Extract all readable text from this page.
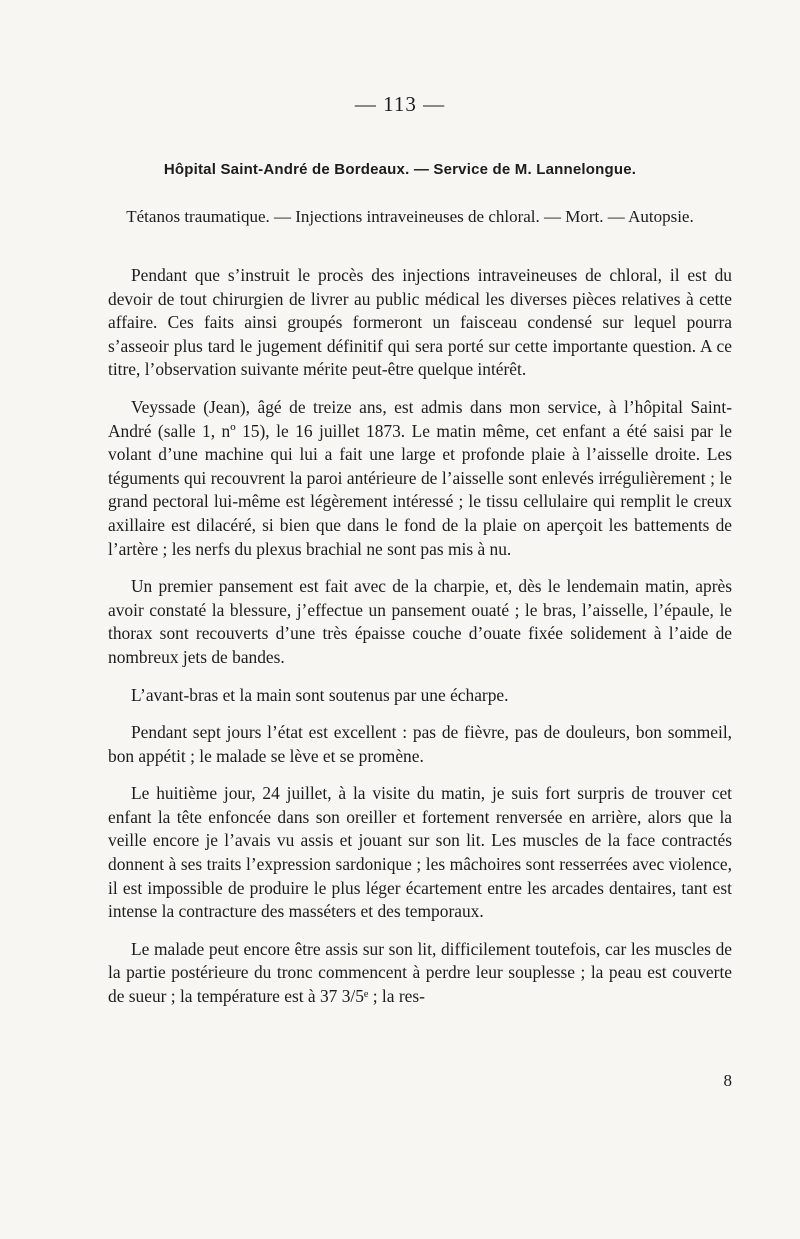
— 113 —
Hôpital Saint-André de Bordeaux. — Service de M. Lannelongue.
Tétanos traumatique. — Injections intraveineuses de chloral. — Mort. — Autopsie.

Pendant que s’instruit le procès des injections intraveineuses de chloral, il est du devoir de tout chirurgien de livrer au public médical les diverses pièces relatives à cette affaire. Ces faits ainsi groupés formeront un faisceau condensé sur lequel pourra s’asseoir plus tard le jugement définitif qui sera porté sur cette importante question. A ce titre, l’observation suivante mérite peut-être quelque intérêt.

Veyssade (Jean), âgé de treize ans, est admis dans mon service, à l’hôpital Saint-André (salle 1, nº 15), le 16 juillet 1873. Le matin même, cet enfant a été saisi par le volant d’une machine qui lui a fait une large et profonde plaie à l’aisselle droite. Les téguments qui recouvrent la paroi antérieure de l’aisselle sont enlevés irrégulièrement ; le grand pectoral lui-même est légèrement intéressé ; le tissu cellulaire qui remplit le creux axillaire est dilacéré, si bien que dans le fond de la plaie on aperçoit les battements de l’artère ; les nerfs du plexus brachial ne sont pas mis à nu.

Un premier pansement est fait avec de la charpie, et, dès le lendemain matin, après avoir constaté la blessure, j’effectue un pansement ouaté ; le bras, l’aisselle, l’épaule, le thorax sont recouverts d’une très épaisse couche d’ouate fixée solidement à l’aide de nombreux jets de bandes.

L’avant-bras et la main sont soutenus par une écharpe.

Pendant sept jours l’état est excellent : pas de fièvre, pas de douleurs, bon sommeil, bon appétit ; le malade se lève et se promène.

Le huitième jour, 24 juillet, à la visite du matin, je suis fort surpris de trouver cet enfant la tête enfoncée dans son oreiller et fortement renversée en arrière, alors que la veille encore je l’avais vu assis et jouant sur son lit. Les muscles de la face contractés donnent à ses traits l’expression sardonique ; les mâchoires sont resserrées avec violence, il est impossible de produire le plus léger écartement entre les arcades dentaires, tant est intense la contracture des masséters et des temporaux.

Le malade peut encore être assis sur son lit, difficilement toutefois, car les muscles de la partie postérieure du tronc commencent à perdre leur souplesse ; la peau est couverte de sueur ; la température est à 37 3/5ᵉ ; la res-

8
